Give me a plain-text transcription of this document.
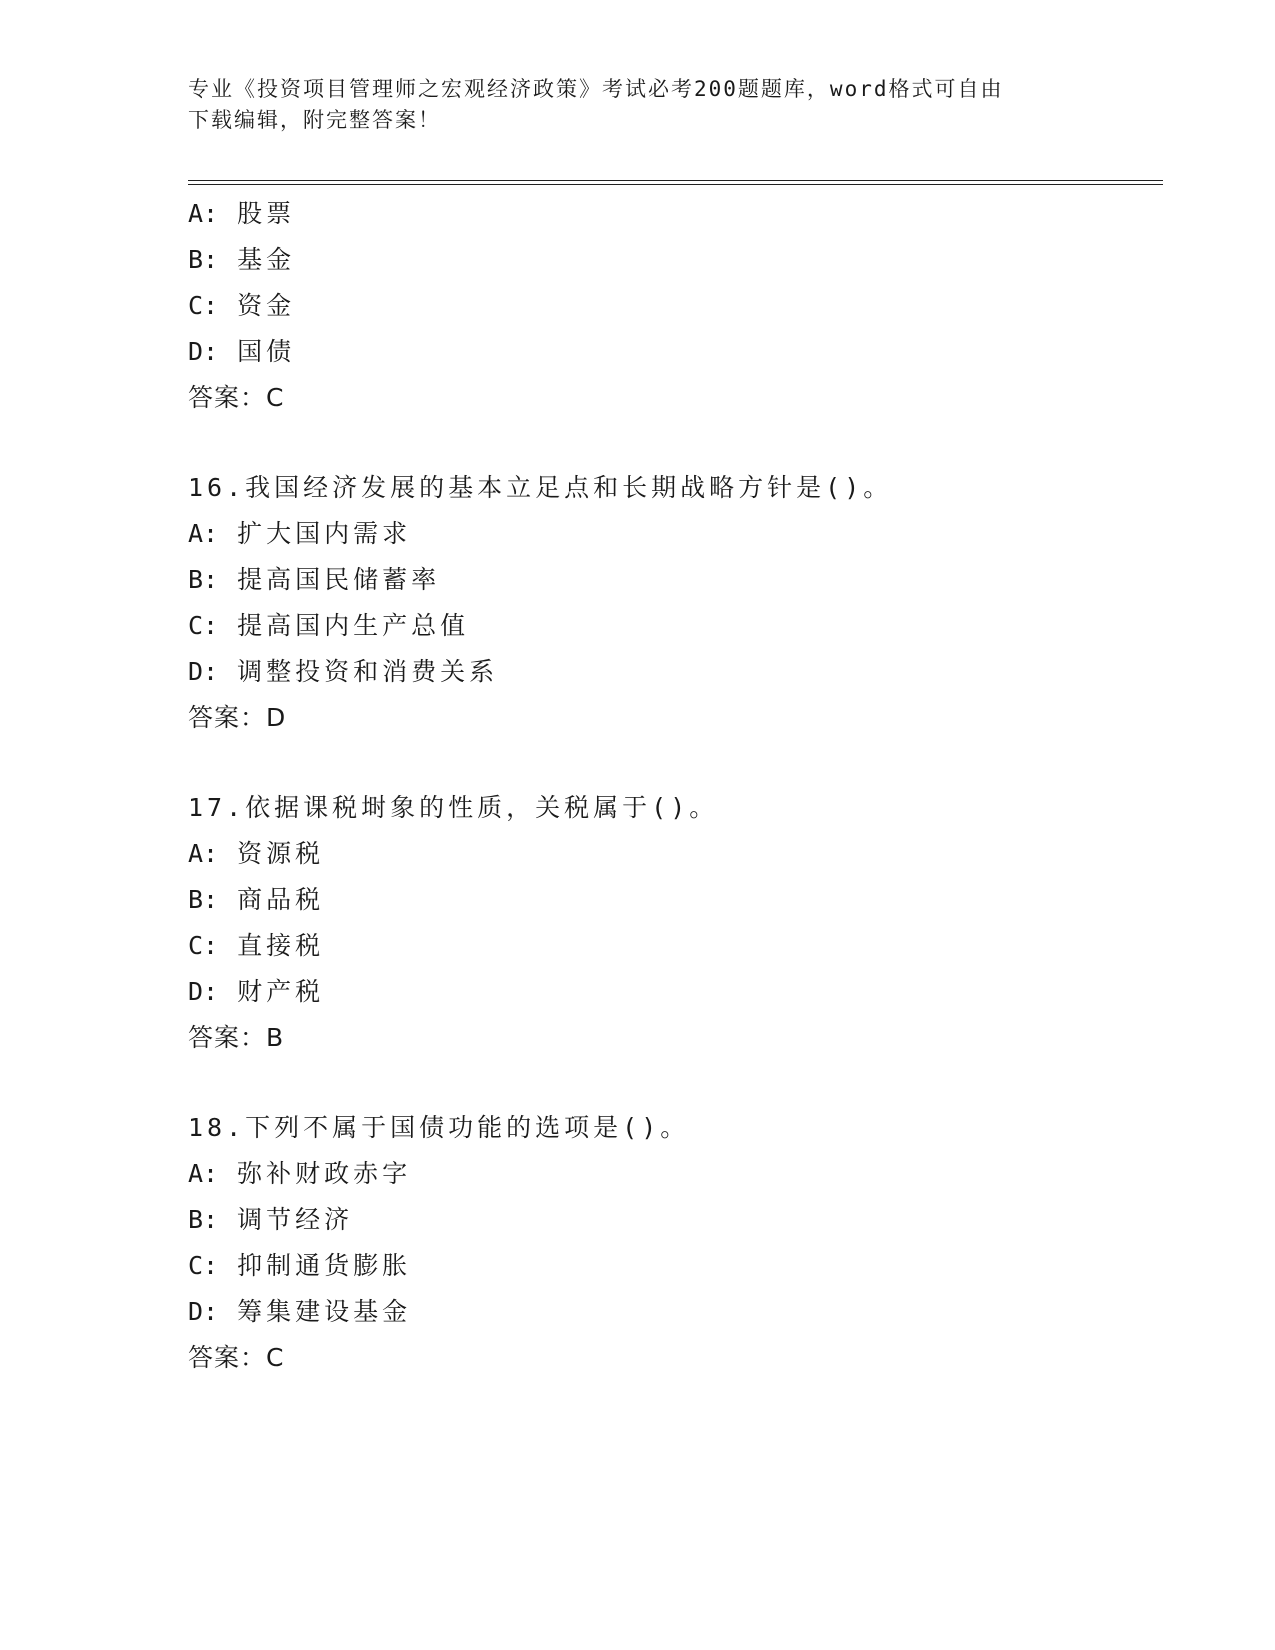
专业《投资项目管理师之宏观经济政策》考试必考200题题库，word格式可自由
下载编辑，附完整答案！
A: 股票
B: 基金
C: 资金
D: 国债
答案：C
16.我国经济发展的基本立足点和长期战略方针是()。
A: 扩大国内需求
B: 提高国民储蓄率
C: 提高国内生产总值
D: 调整投资和消费关系
答案：D
17.依据课税埘象的性质，关税属于()。
A: 资源税
B: 商品税
C: 直接税
D: 财产税
答案：B
18.下列不属于国债功能的选项是()。
A: 弥补财政赤字
B: 调节经济
C: 抑制通货膨胀
D: 筹集建设基金
答案：C
